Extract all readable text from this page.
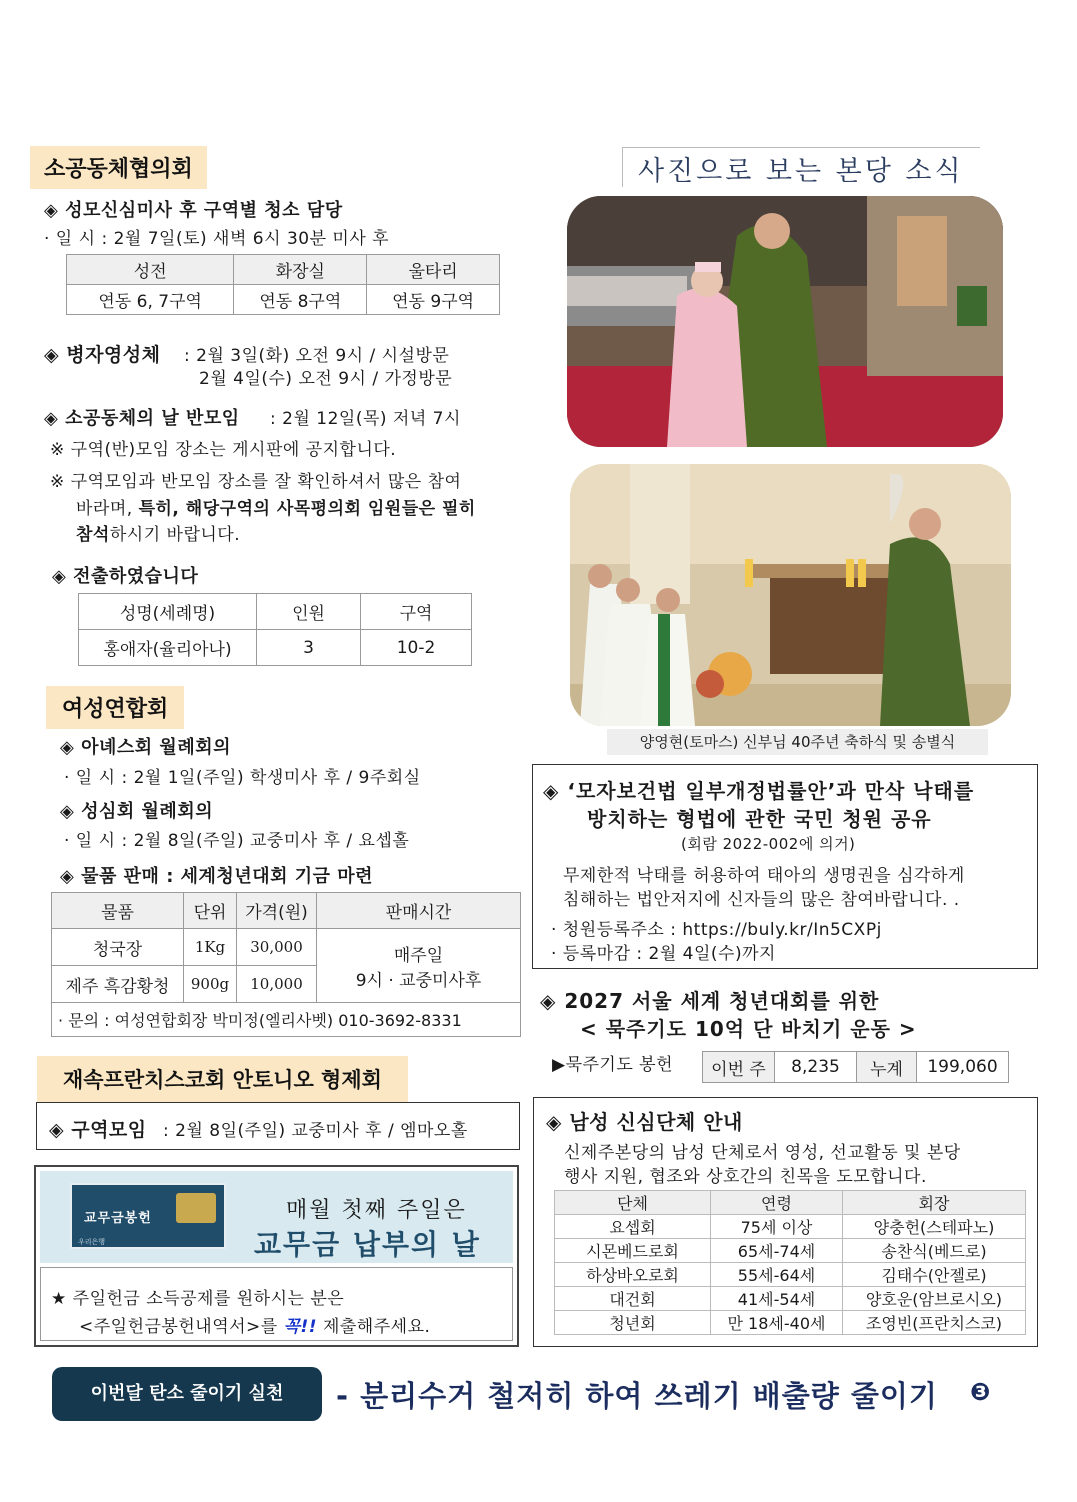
소공동체협의회
◈ 성모신심미사 후 구역별 청소 담당
· 일 시 : 2월 7일(토) 새벽 6시 30분 미사 후
성전	화장실	울타리
연동 6, 7구역	연동 8구역	연동 9구역
◈ 병자영성체 : 2월 3일(화) 오전 9시 / 시설방문
2월 4일(수) 오전 9시 / 가정방문
◈ 소공동체의 날 반모임 : 2월 12일(목) 저녁 7시
※ 구역(반)모임 장소는 게시판에 공지합니다.
※ 구역모임과 반모임 장소를 잘 확인하셔서 많은 참여
바라며, 특히, 해당구역의 사목평의회 임원들은 필히
참석하시기 바랍니다.
◈ 전출하였습니다
성명(세례명)	인원	구역
홍애자(율리아나)	3	10-2
여성연합회
◈ 아녜스회 월례회의
· 일 시 : 2월 1일(주일) 학생미사 후 / 9주회실
◈ 성심회 월례회의
· 일 시 : 2월 8일(주일) 교중미사 후 / 요셉홀
◈ 물품 판매 : 세계청년대회 기금 마련
물품	단위	가격(원)	판매시간
청국장	1Kg	30,000	매주일
9시 · 교중미사후

제주 흑감황청	900g	10,000	
· 문의 : 여성연합회장 박미정(엘리사벳) 010-3692-8331			
재속프란치스코회 안토니오 형제회
◈ 구역모임 : 2월 8일(주일) 교중미사 후 / 엠마오홀
교무금봉헌
우리은행
매월 첫째 주일은
교무금 납부의 날
★ 주일헌금 소득공제를 원하시는 분은
<주일헌금봉헌내역서>를 꼭!! 제출해주세요.
사진으로 보는 본당 소식
양영현(토마스) 신부님 40주년 축하식 및 송별식
◈ ‘모자보건법 일부개정법률안’과 만삭 낙태를
방치하는 형법에 관한 국민 청원 공유
(회람 2022-002에 의거)
무제한적 낙태를 허용하여 태아의 생명권을 심각하게
침해하는 법안저지에 신자들의 많은 참여바랍니다. .
· 청원등록주소 : https://buly.kr/In5CXPj
· 등록마감 : 2월 4일(수)까지
◈ 2027 서울 세계 청년대회를 위한
< 묵주기도 10억 단 바치기 운동 >
▶묵주기도 봉헌 이번 주	8,235	누계	199,060
◈ 남성 신심단체 안내
신제주본당의 남성 단체로서 영성, 선교활동 및 본당
행사 지원, 협조와 상호간의 친목을 도모합니다.
단체	연령	회장
요셉회	75세 이상	양충헌(스테파노)
시몬베드로회	65세-74세	송찬식(베드로)
하상바오로회	55세-64세	김태수(안젤로)
대건회	41세-54세	양호운(암브로시오)
청년회	만 18세-40세	조영빈(프란치스코)
이번달 탄소 줄이기 실천	- 분리수거 철저히 하여 쓰레기 배출량 줄이기 ❸
